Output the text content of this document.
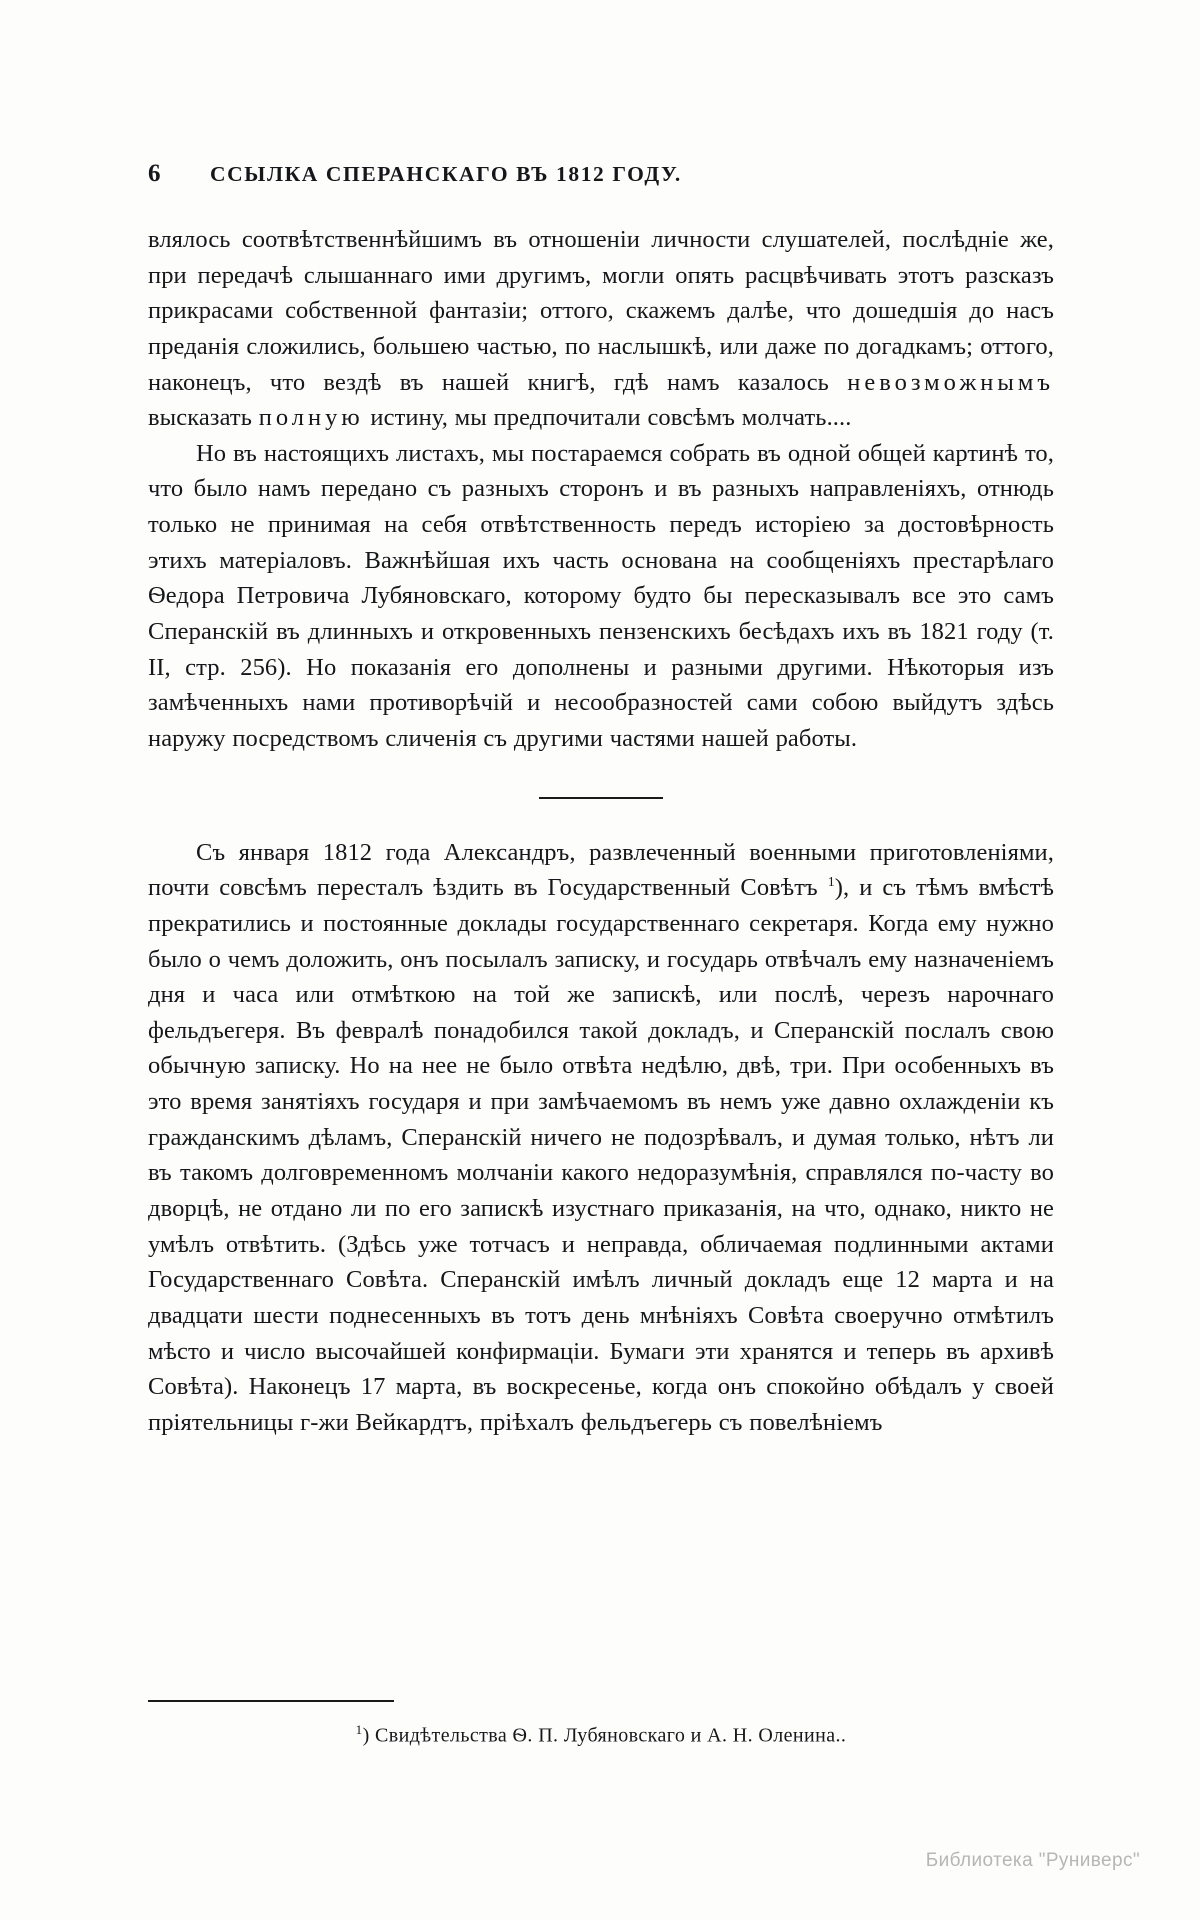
6	ССЫЛКА СПЕРАНСКАГО ВЪ 1812 ГОДУ.

влялось соотвѣтственнѣйшимъ въ отношеніи личности слушателей, послѣдніе же, при передачѣ слышаннаго ими другимъ, могли опять расцвѣчивать этотъ разсказъ прикрасами собственной фантазіи; оттого, скажемъ далѣе, что дошедшія до насъ преданія сложились, большею частью, по наслышкѣ, или даже по догадкамъ; оттого, наконецъ, что вездѣ въ нашей книгѣ, гдѣ намъ казалось невозможнымъ высказать полную истину, мы предпочитали совсѣмъ молчать....

Но въ настоящихъ листахъ, мы постараемся собрать въ одной общей картинѣ то, что было намъ передано съ разныхъ сторонъ и въ разныхъ направленіяхъ, отнюдь только не принимая на себя отвѣтственность передъ исторіею за достовѣрность этихъ матеріаловъ. Важнѣйшая ихъ часть основана на сообщеніяхъ престарѣлаго Ѳедора Петровича Лубяновскаго, которому будто бы пересказывалъ все это самъ Сперанскій въ длинныхъ и откровенныхъ пензенскихъ бесѣдахъ ихъ въ 1821 году (т. II, стр. 256). Но показанія его дополнены и разными другими. Нѣкоторыя изъ замѣченныхъ нами противорѣчій и несообразностей сами собою выйдутъ здѣсь наружу посредствомъ сличенія съ другими частями нашей работы.

Съ января 1812 года Александръ, развлеченный военными приготовленіями, почти совсѣмъ пересталъ ѣздить въ Государственный Совѣтъ $^1$), и съ тѣмъ вмѣстѣ прекратились и постоянные доклады государственнаго секретаря. Когда ему нужно было о чемъ доложить, онъ посылалъ записку, и государь отвѣчалъ ему назначеніемъ дня и часа или отмѣткою на той же запискѣ, или послѣ, черезъ нарочнаго фельдъегеря. Въ февралѣ понадобился такой докладъ, и Сперанскій послалъ свою обычную записку. Но на нее не было отвѣта недѣлю, двѣ, три. При особенныхъ въ это время занятіяхъ государя и при замѣчаемомъ въ немъ уже давно охлажденіи къ гражданскимъ дѣламъ, Сперанскій ничего не подозрѣвалъ, и думая только, нѣтъ ли въ такомъ долговременномъ молчаніи какого недоразумѣнія, справлялся по-часту во дворцѣ, не отдано ли по его запискѣ изустнаго приказанія, на что, однако, никто не умѣлъ отвѣтить. (Здѣсь уже тотчасъ и неправда, обличаемая подлинными актами Государственнаго Совѣта. Сперанскій имѣлъ личный докладъ еще 12 марта и на двадцати шести поднесенныхъ въ тотъ день мнѣніяхъ Совѣта своеручно отмѣтилъ мѣсто и число высочайшей конфирмаціи. Бумаги эти хранятся и теперь въ архивѣ Совѣта). Наконецъ 17 марта, въ воскресенье, когда онъ спокойно обѣдалъ у своей пріятельницы г-жи Вейкардтъ, пріѣхалъ фельдъегерь съ повелѣніемъ

$^1$) Свидѣтельства Ѳ. П. Лубяновскаго и А. Н. Оленина..
Библиотека "Руниверс"
